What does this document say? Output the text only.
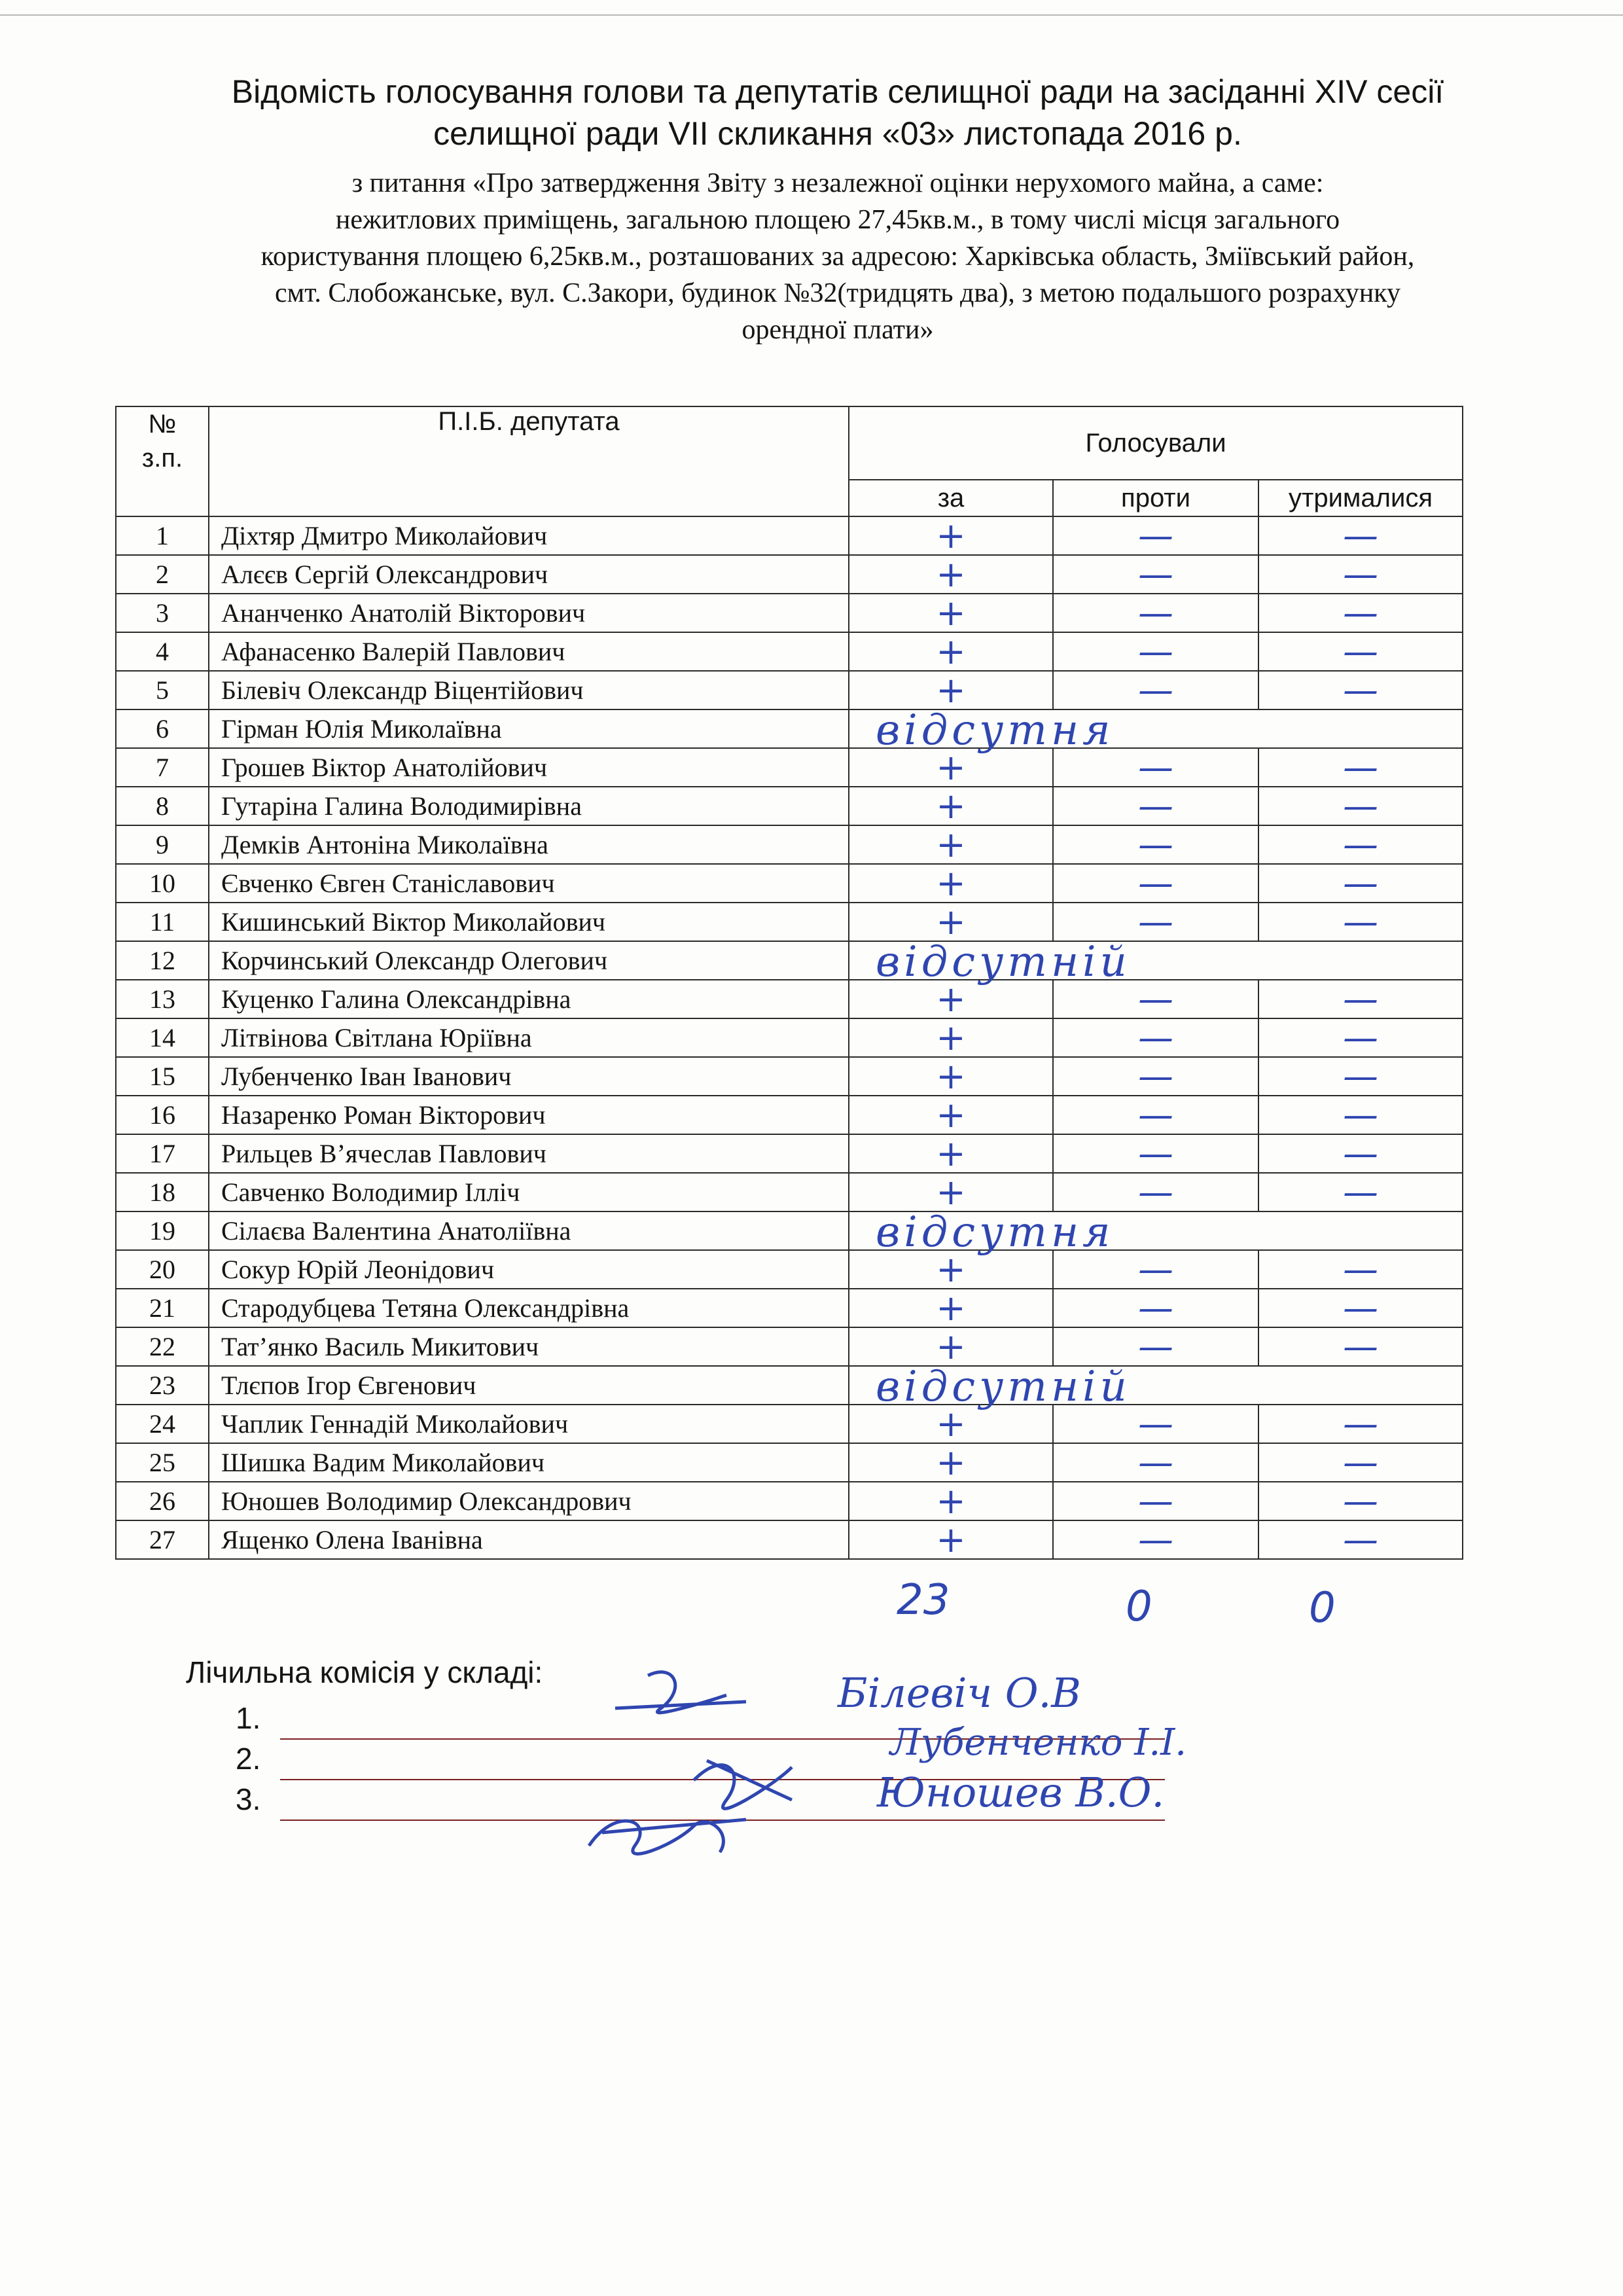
Відомість голосування голови та депутатів селищної ради на засіданні XIV сесії
селищної ради VII скликання «03» листопада 2016 р.
з питання «Про затвердження Звіту з незалежної оцінки нерухомого майна, а саме:
нежитлових приміщень, загальною площею 27,45кв.м., в тому числі місця загального
користування площею 6,25кв.м., розташованих за адресою: Харківська область, Зміївський район,
смт. Слобожанське, вул. С.Закори, будинок №32(тридцять два), з метою подальшого розрахунку
орендної плати»
№
з.п.	П.І.Б. депутата	Голосували		
		за	проти	утрималися
1	Діхтяр Дмитро Миколайович	+	—	—
2	Алєєв Сергій Олександрович	+	—	—
3	Ананченко Анатолій Вікторович	+	—	—
4	Афанасенко Валерій Павлович	+	—	—
5	Білевіч Олександр Віцентійович	+	—	—
6	Гірман Юлія Миколаївна	відсутня		

7	Грошев Віктор Анатолійович	+	—	—
8	Гутаріна Галина Володимирівна	+	—	—
9	Демків Антоніна Миколаївна	+	—	—
10	Євченко Євген Станіславович	+	—	—
11	Кишинський Віктор Миколайович	+	—	—
12	Корчинський Олександр Олегович	відсутній		

13	Куценко Галина Олександрівна	+	—	—
14	Літвінова Світлана Юріївна	+	—	—
15	Лубенченко Іван Іванович	+	—	—
16	Назаренко Роман Вікторович	+	—	—
17	Рильцев В’ячеслав Павлович	+	—	—
18	Савченко Володимир Ілліч	+	—	—
19	Сілаєва Валентина Анатоліївна	відсутня		

20	Сокур Юрій Леонідович	+	—	—
21	Стародубцева Тетяна Олександрівна	+	—	—
22	Тат’янко Василь Микитович	+	—	—
23	Тлєпов Ігор Євгенович	відсутній		

24	Чаплик Геннадій Миколайович	+	—	—
25	Шишка Вадим Миколайович	+	—	—
26	Юношев Володимир Олександрович	+	—	—
27	Ященко Олена Іванівна	+	—	—
23	0	0
Лічильна комісія у складі:
1.
Білевіч О.В
2.	Лубенченко І.І.
3.	Юношев В.О.
